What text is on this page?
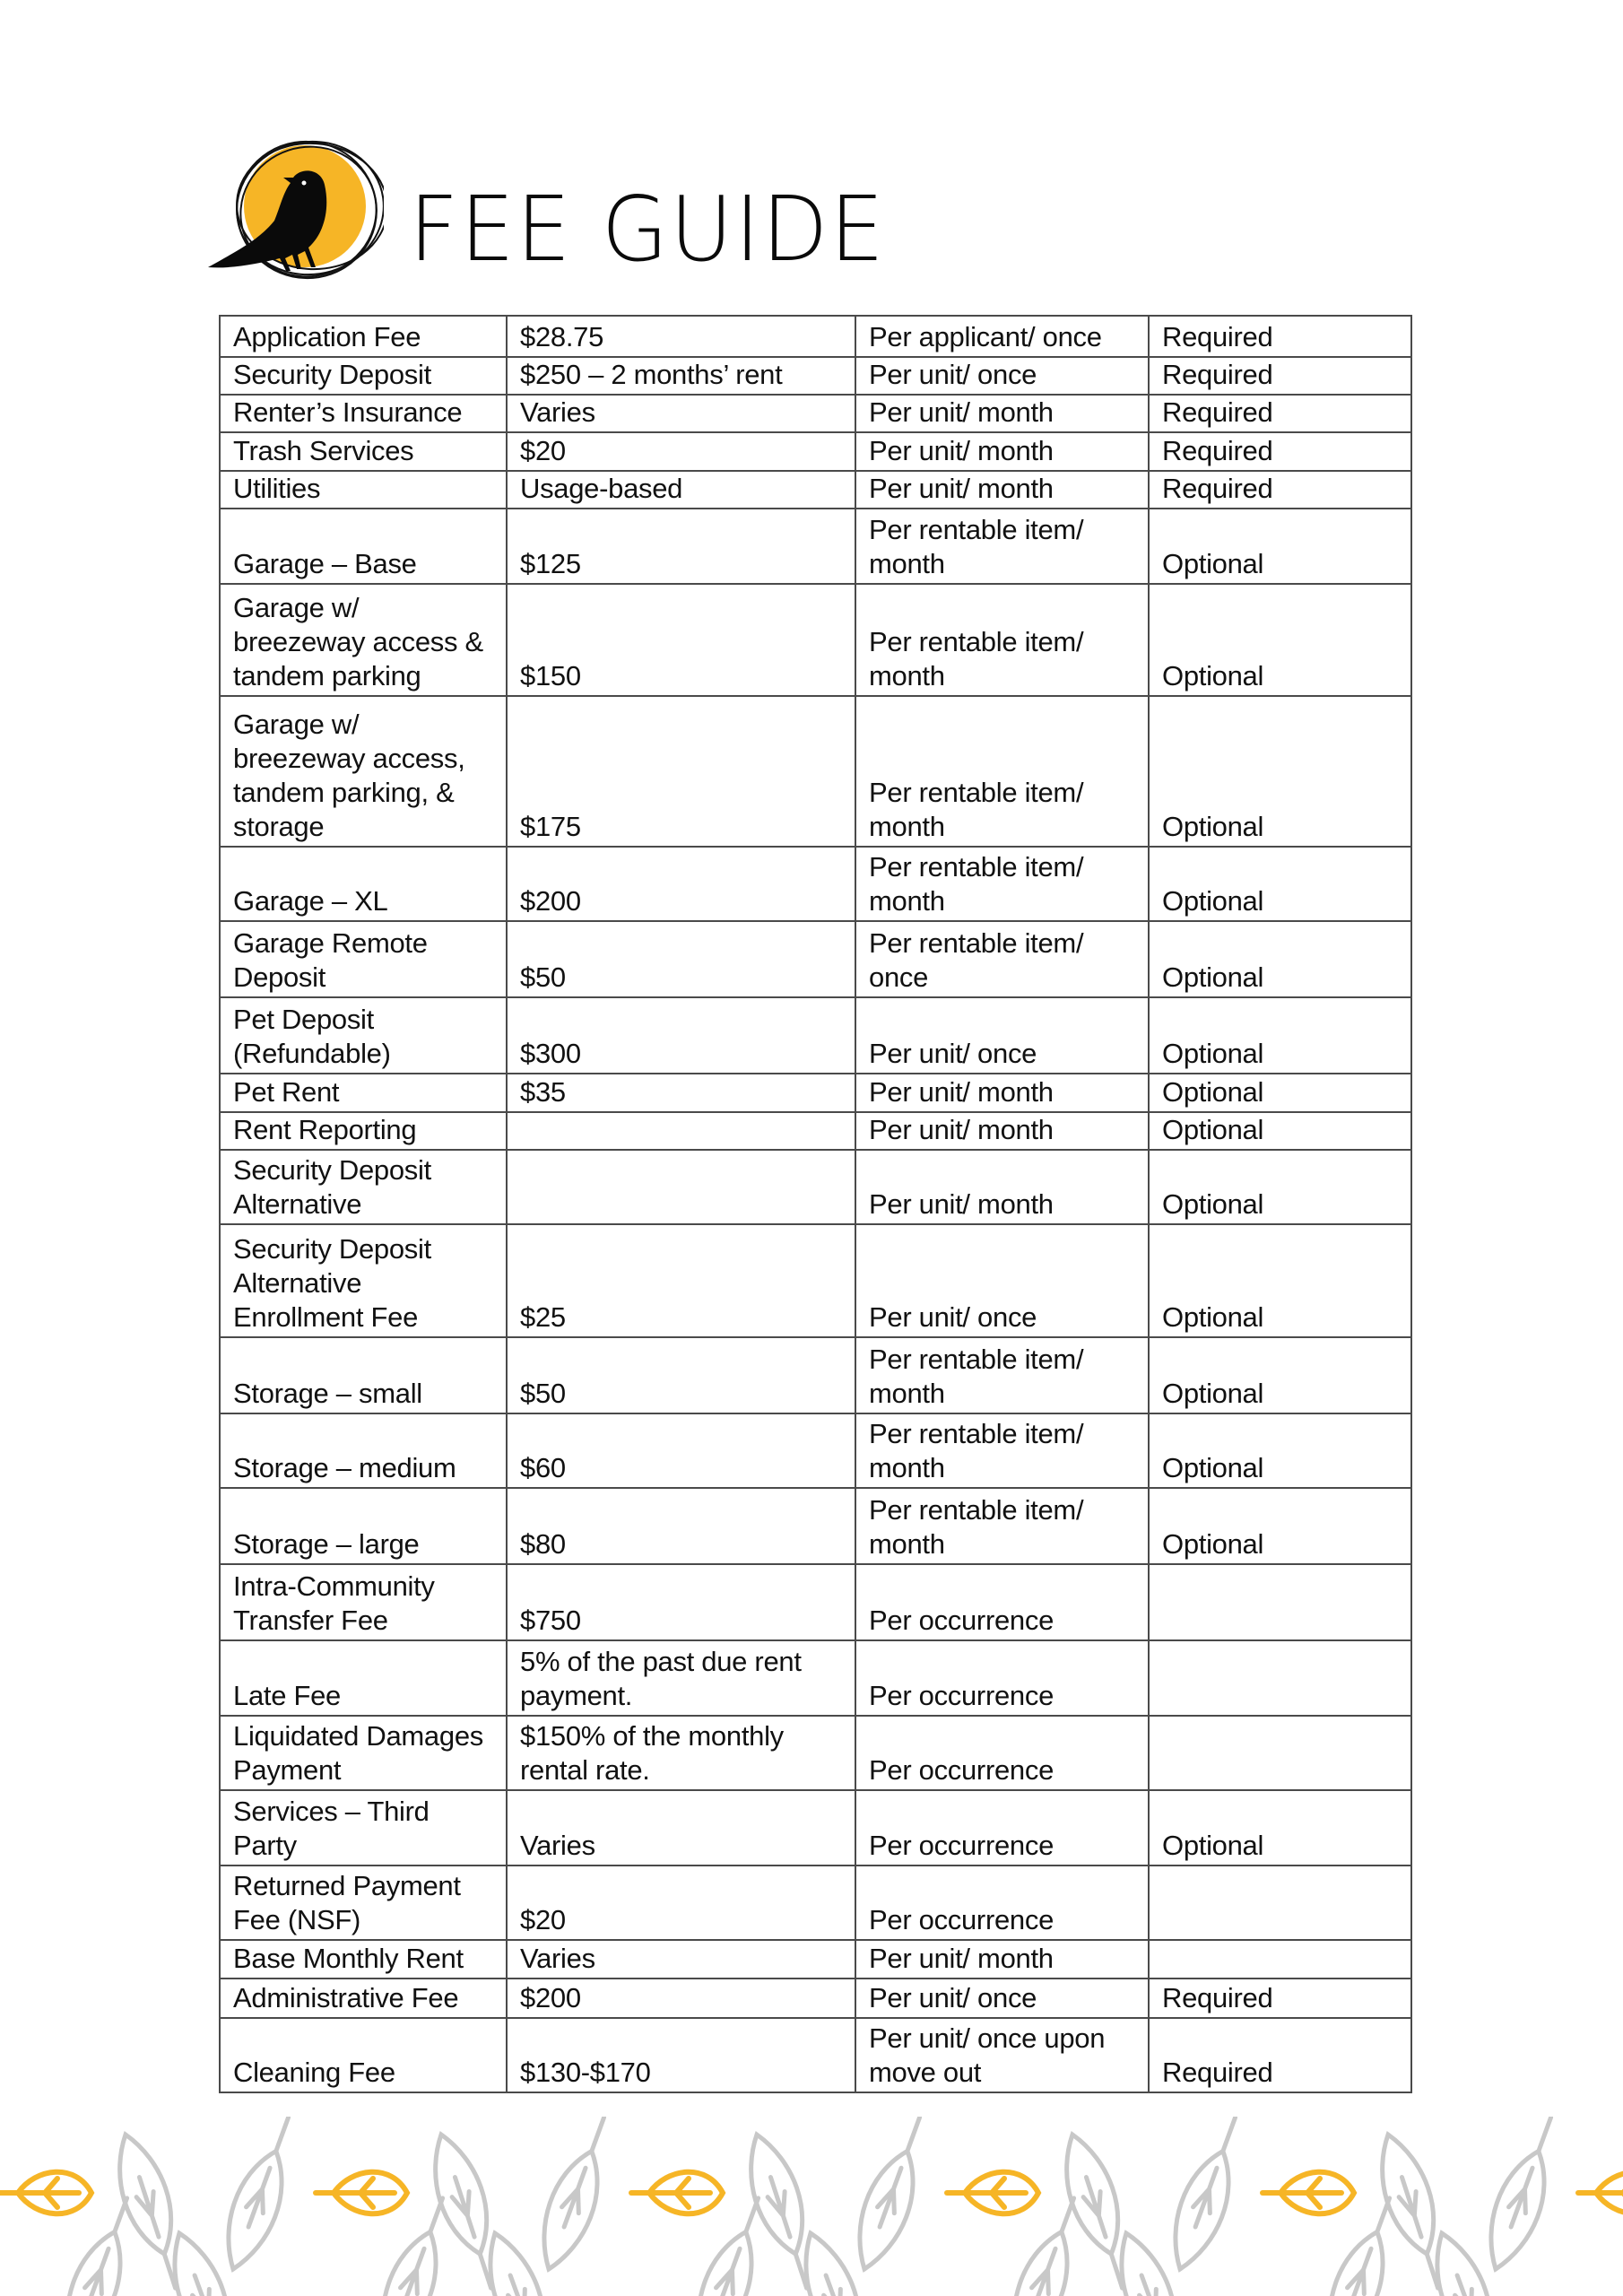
FEE GUIDE
Application Fee	$28.75	Per applicant/ once	Required
Security Deposit	$250 – 2 months’ rent	Per unit/ once	Required
Renter’s Insurance	Varies	Per unit/ month	Required
Trash Services	$20	Per unit/ month	Required
Utilities	Usage-based	Per unit/ month	Required
Garage – Base	$125	Per rentable item/ month	Optional
Garage w/ breezeway access & tandem parking	$150	Per rentable item/ month	Optional
Garage w/ breezeway access, tandem parking, & storage	$175	Per rentable item/ month	Optional
Garage – XL	$200	Per rentable item/ month	Optional
Garage Remote Deposit	$50	Per rentable item/ once	Optional
Pet Deposit (Refundable)	$300	Per unit/ once	Optional
Pet Rent	$35	Per unit/ month	Optional
Rent Reporting		Per unit/ month	Optional
Security Deposit Alternative		Per unit/ month	Optional
Security Deposit Alternative Enrollment Fee	$25	Per unit/ once	Optional
Storage – small	$50	Per rentable item/ month	Optional
Storage – medium	$60	Per rentable item/ month	Optional
Storage – large	$80	Per rentable item/ month	Optional
Intra-Community Transfer Fee	$750	Per occurrence	
Late Fee	5% of the past due rent payment.	Per occurrence	
Liquidated Damages Payment	$150% of the monthly rental rate.	Per occurrence	
Services – Third Party	Varies	Per occurrence	Optional
Returned Payment Fee (NSF)	$20	Per occurrence	
Base Monthly Rent	Varies	Per unit/ month	
Administrative Fee	$200	Per unit/ once	Required
Cleaning Fee	$130-$170	Per unit/ once upon move out	Required
